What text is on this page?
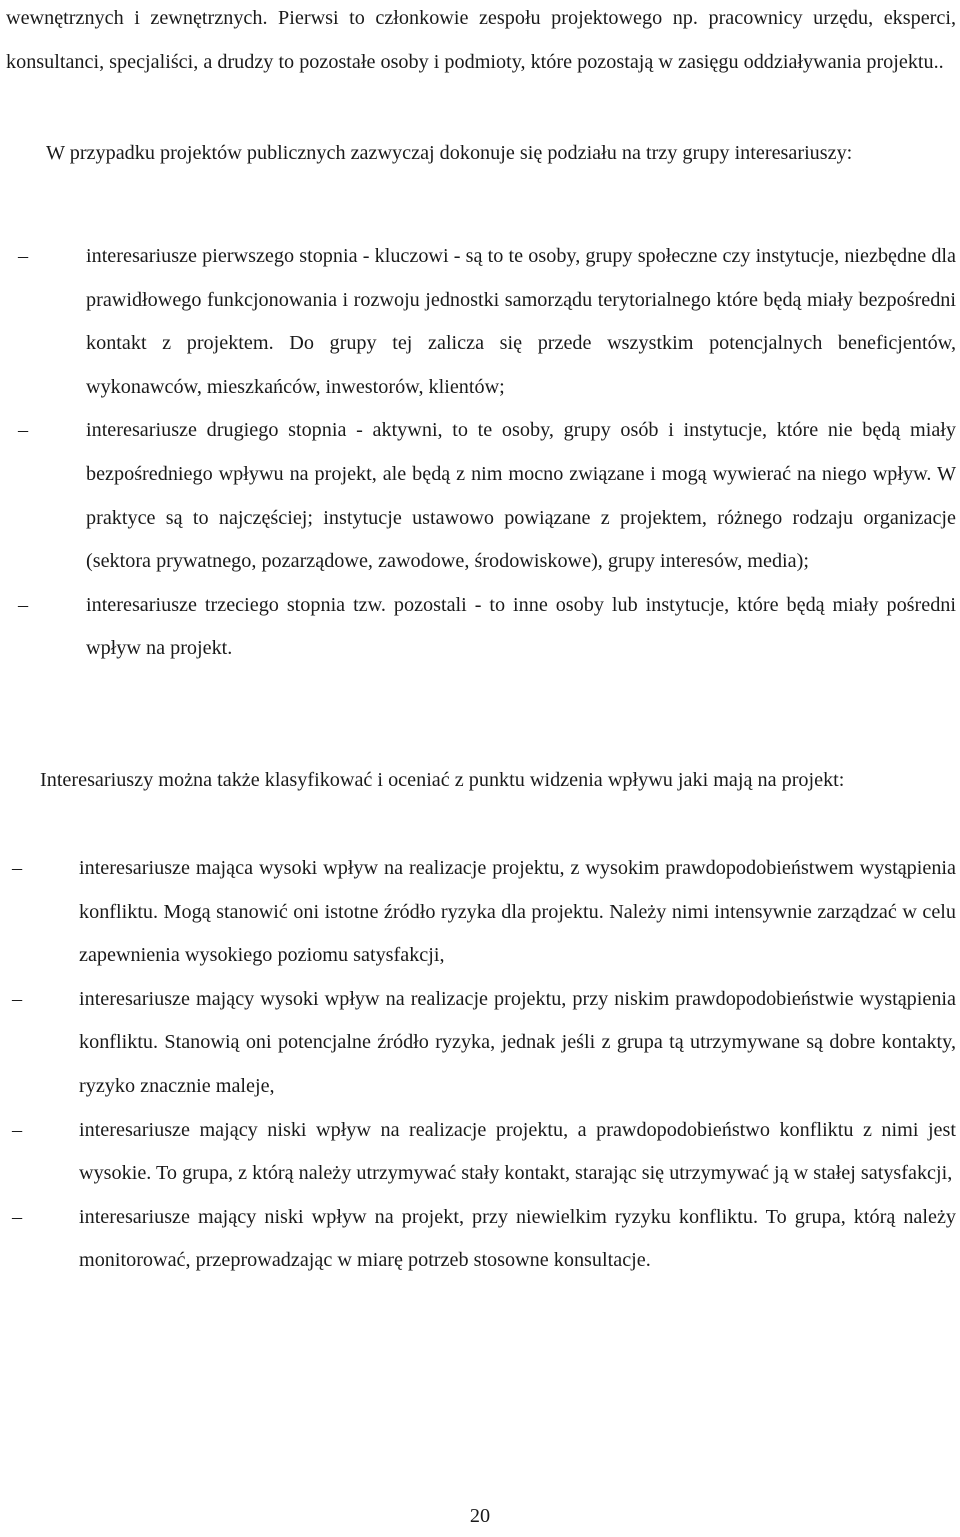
wewnętrznych i zewnętrznych. Pierwsi to członkowie zespołu projektowego np. pracownicy urzędu, eksperci, konsultanci, specjaliści, a drudzy to pozostałe osoby i podmioty, które pozostają w zasięgu oddziaływania projektu..

W przypadku projektów publicznych zazwyczaj dokonuje się podziału na trzy grupy interesariuszy:

–	interesariusze pierwszego stopnia - kluczowi - są to te osoby, grupy społeczne czy instytucje, niezbędne dla prawidłowego funkcjonowania i rozwoju jednostki samorządu terytorialnego które będą miały bezpośredni kontakt z projektem. Do grupy tej zalicza się przede wszystkim potencjalnych beneficjentów, wykonawców, mieszkańców, inwestorów, klientów;
–	interesariusze drugiego stopnia - aktywni, to te osoby, grupy osób i instytucje, które nie będą miały bezpośredniego wpływu na projekt, ale będą z nim mocno związane i mogą wywierać na niego wpływ. W praktyce są to najczęściej; instytucje ustawowo powiązane z projektem, różnego rodzaju organizacje (sektora prywatnego, pozarządowe, zawodowe, środowiskowe), grupy interesów, media);
–	interesariusze trzeciego stopnia tzw. pozostali - to inne osoby lub instytucje, które będą miały pośredni wpływ na projekt.

Interesariuszy można także klasyfikować i oceniać z punktu widzenia wpływu jaki mają na projekt:

–	interesariusze mająca wysoki wpływ na realizacje projektu, z wysokim prawdopodobieństwem wystąpienia konfliktu. Mogą stanowić oni istotne źródło ryzyka dla projektu. Należy nimi intensywnie zarządzać w celu zapewnienia wysokiego poziomu satysfakcji,
–	interesariusze mający wysoki wpływ na realizacje projektu, przy niskim prawdopodobieństwie wystąpienia konfliktu. Stanowią oni potencjalne źródło ryzyka, jednak jeśli z grupa tą utrzymywane są dobre kontakty, ryzyko znacznie maleje,
–	interesariusze mający niski wpływ na realizacje projektu, a prawdopodobieństwo konfliktu z nimi jest wysokie. To grupa, z którą należy utrzymywać stały kontakt, starając się utrzymywać ją w stałej satysfakcji,
–	interesariusze mający niski wpływ na projekt, przy niewielkim ryzyku konfliktu. To grupa, którą należy monitorować, przeprowadzając w miarę potrzeb stosowne konsultacje.
20
